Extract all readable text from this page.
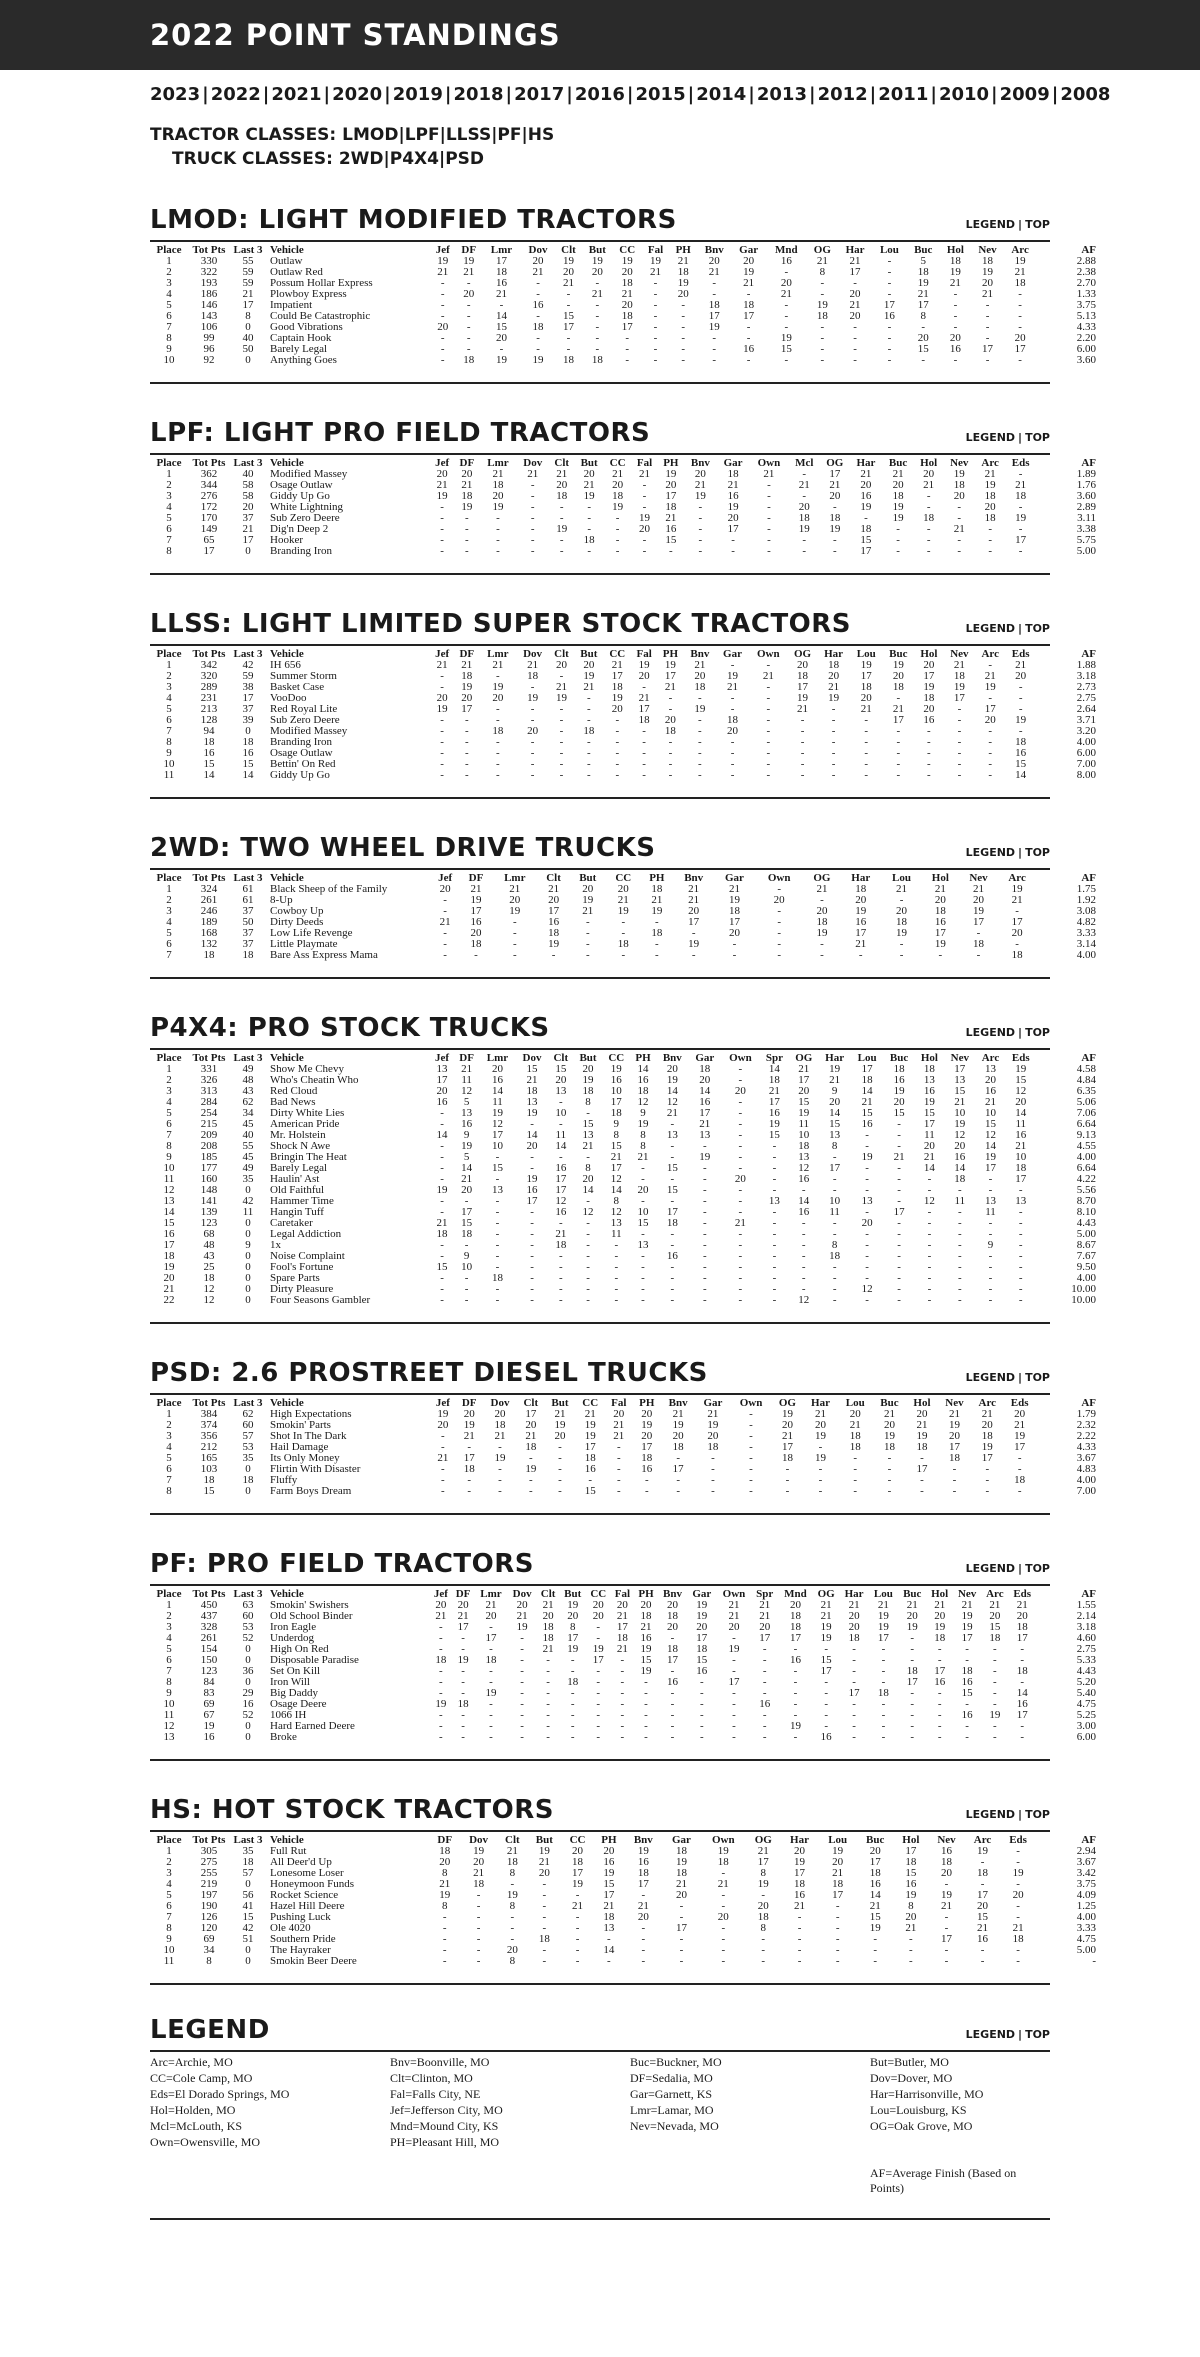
2022 POINT STANDINGS
2023 | 2022 | 2021 | 2020 | 2019 | 2018 | 2017 | 2016 | 2015 | 2014 | 2013 | 2012 | 2011 | 2010 | 2009 | 2008
TRACTOR CLASSES: LMOD|LPF|LLSS|PF|HS
TRUCK CLASSES: 2WD|P4X4|PSD
LMOD: LIGHT MODIFIED TRACTORS	LEGEND | TOP
Place	Tot Pts	Last 3	Vehicle	Jef	DF	Lmr	Dov	Clt	But	CC	Fal	PH	Bnv	Gar	Mnd	OG	Har	Lou	Buc	Hol	Nev	Arc	AF
1	330	55	Outlaw	19	19	17	20	19	19	19	19	21	20	20	16	21	21	-	5	18	18	19	2.88
2	322	59	Outlaw Red	21	21	18	21	20	20	20	21	18	21	19	-	8	17	-	18	19	19	21	2.38
3	193	59	Possum Hollar Express	-	-	16	-	21	-	18	-	19	-	21	20	-	-	-	19	21	20	18	2.70
4	186	21	Plowboy Express	-	20	21	-	-	21	21	-	20	-	-	21	-	20	-	21	-	21	-	1.33
5	146	17	Impatient	-	-	-	16	-	-	20	-	-	18	18	-	19	21	17	17	-	-	-	3.75
6	143	8	Could Be Catastrophic	-	-	14	-	15	-	18	-	-	17	17	-	18	20	16	8	-	-	-	5.13
7	106	0	Good Vibrations	20	-	15	18	17	-	17	-	-	19	-	-	-	-	-	-	-	-	-	4.33
8	99	40	Captain Hook	-	-	20	-	-	-	-	-	-	-	-	19	-	-	-	20	20	-	20	2.20
9	96	50	Barely Legal	-	-	-	-	-	-	-	-	-	-	16	15	-	-	-	15	16	17	17	6.00
10	92	0	Anything Goes	-	18	19	19	18	18	-	-	-	-	-	-	-	-	-	-	-	-	-	3.60
LPF: LIGHT PRO FIELD TRACTORS	LEGEND | TOP
Place	Tot Pts	Last 3	Vehicle	Jef	DF	Lmr	Dov	Clt	But	CC	Fal	PH	Bnv	Gar	Own	Mcl	OG	Har	Buc	Hol	Nev	Arc	Eds	AF
1	362	40	Modified Massey	20	20	21	21	21	20	21	21	19	20	18	21	-	17	21	21	20	19	21	-	1.89
2	344	58	Osage Outlaw	21	21	18	-	20	21	20	-	20	21	21	-	21	21	20	20	21	18	19	21	1.76
3	276	58	Giddy Up Go	19	18	20	-	18	19	18	-	17	19	16	-	-	20	16	18	-	20	18	18	3.60
4	172	20	White Lightning	-	19	19	-	-	-	19	-	18	-	19	-	20	-	19	19	-	-	20	-	2.89
5	170	37	Sub Zero Deere	-	-	-	-	-	-	-	19	21	-	20	-	18	18	-	19	18	-	18	19	3.11
6	149	21	Dig'n Deep 2	-	-	-	-	19	-	-	20	16	-	17	-	19	19	18	-	-	21	-	-	3.38
7	65	17	Hooker	-	-	-	-	-	18	-	-	15	-	-	-	-	-	15	-	-	-	-	17	5.75
8	17	0	Branding Iron	-	-	-	-	-	-	-	-	-	-	-	-	-	-	17	-	-	-	-	-	5.00
LLSS: LIGHT LIMITED SUPER STOCK TRACTORS	LEGEND | TOP
Place	Tot Pts	Last 3	Vehicle	Jef	DF	Lmr	Dov	Clt	But	CC	Fal	PH	Bnv	Gar	Own	OG	Har	Lou	Buc	Hol	Nev	Arc	Eds	AF
1	342	42	IH 656	21	21	21	21	20	20	21	19	19	21	-	-	20	18	19	19	20	21	-	21	1.88
2	320	59	Summer Storm	-	18	-	18	-	19	17	20	17	20	19	21	18	20	17	20	17	18	21	20	3.18
3	289	38	Basket Case	-	19	19	-	21	21	18	-	21	18	21	-	17	21	18	18	19	19	19	-	2.73
4	231	17	VooDoo	20	20	20	19	19	-	19	21	-	-	-	-	19	19	20	-	18	17	-	-	2.75
5	213	37	Red Royal Lite	19	17	-	-	-	-	20	17	-	19	-	-	21	-	21	21	20	-	17	-	2.64
6	128	39	Sub Zero Deere	-	-	-	-	-	-	-	18	20	-	18	-	-	-	-	17	16	-	20	19	3.71
7	94	0	Modified Massey	-	-	18	20	-	18	-	-	18	-	20	-	-	-	-	-	-	-	-	-	3.20
8	18	18	Branding Iron	-	-	-	-	-	-	-	-	-	-	-	-	-	-	-	-	-	-	-	18	4.00
9	16	16	Osage Outlaw	-	-	-	-	-	-	-	-	-	-	-	-	-	-	-	-	-	-	-	16	6.00
10	15	15	Bettin' On Red	-	-	-	-	-	-	-	-	-	-	-	-	-	-	-	-	-	-	-	15	7.00
11	14	14	Giddy Up Go	-	-	-	-	-	-	-	-	-	-	-	-	-	-	-	-	-	-	-	14	8.00
2WD: TWO WHEEL DRIVE TRUCKS	LEGEND | TOP
Place	Tot Pts	Last 3	Vehicle	Jef	DF	Lmr	Clt	But	CC	PH	Bnv	Gar	Own	OG	Har	Lou	Hol	Nev	Arc	AF
1	324	61	Black Sheep of the Family	20	21	21	21	20	20	18	21	21	-	21	18	21	21	21	19	1.75
2	261	61	8-Up	-	19	20	20	19	21	21	21	19	20	-	20	-	20	20	21	1.92
3	246	37	Cowboy Up	-	17	19	17	21	19	19	20	18	-	20	19	20	18	19	-	3.08
4	189	50	Dirty Deeds	21	16	-	16	-	-	-	17	17	-	18	16	18	16	17	17	4.82
5	168	37	Low Life Revenge	-	20	-	18	-	-	18	-	20	-	19	17	19	17	-	20	3.33
6	132	37	Little Playmate	-	18	-	19	-	18	-	19	-	-	-	21	-	19	18	-	3.14
7	18	18	Bare Ass Express Mama	-	-	-	-	-	-	-	-	-	-	-	-	-	-	-	18	4.00
P4X4: PRO STOCK TRUCKS	LEGEND | TOP
Place	Tot Pts	Last 3	Vehicle	Jef	DF	Lmr	Dov	Clt	But	CC	PH	Bnv	Gar	Own	Spr	OG	Har	Lou	Buc	Hol	Nev	Arc	Eds	AF
1	331	49	Show Me Chevy	13	21	20	15	15	20	19	14	20	18	-	14	21	19	17	18	18	17	13	19	4.58
2	326	48	Who's Cheatin Who	17	11	16	21	20	19	16	16	19	20	-	18	17	21	18	16	13	13	20	15	4.84
3	313	43	Red Cloud	20	12	14	18	13	18	10	18	14	14	20	21	20	9	14	19	16	15	16	12	6.35
4	284	62	Bad News	16	5	11	13	-	8	17	12	12	16	-	17	15	20	21	20	19	21	21	20	5.06
5	254	34	Dirty White Lies	-	13	19	19	10	-	18	9	21	17	-	16	19	14	15	15	15	10	10	14	7.06
6	215	45	American Pride	-	16	12	-	-	15	9	19	-	21	-	19	11	15	16	-	17	19	15	11	6.64
7	209	40	Mr. Holstein	14	9	17	14	11	13	8	8	13	13	-	15	10	13	-	-	11	12	12	16	9.13
8	208	55	Shock N Awe	-	19	10	20	14	21	15	8	-	-	-	-	18	8	-	-	20	20	14	21	4.55
9	185	45	Bringin The Heat	-	5	-	-	-	-	21	21	-	19	-	-	13	-	19	21	21	16	19	10	4.00
10	177	49	Barely Legal	-	14	15	-	16	8	17	-	15	-	-	-	12	17	-	-	14	14	17	18	6.64
11	160	35	Haulin' Ast	-	21	-	19	17	20	12	-	-	-	20	-	16	-	-	-	-	18	-	17	4.22
12	148	0	Old Faithful	19	20	13	16	17	14	14	20	15	-	-	-	-	-	-	-	-	-	-	-	5.56
13	141	42	Hammer Time	-	-	-	17	12	-	8	-	-	-	-	13	14	10	13	-	12	11	13	13	8.70
14	139	11	Hangin Tuff	-	17	-	-	16	12	12	10	17	-	-	-	16	11	-	17	-	-	11	-	8.10
15	123	0	Caretaker	21	15	-	-	-	-	13	15	18	-	21	-	-	-	20	-	-	-	-	-	4.43
16	68	0	Legal Addiction	18	18	-	-	21	-	11	-	-	-	-	-	-	-	-	-	-	-	-	-	5.00
17	48	9	1x	-	-	-	-	18	-	-	13	-	-	-	-	-	8	-	-	-	-	9	-	8.67
18	43	0	Noise Complaint	-	9	-	-	-	-	-	-	16	-	-	-	-	18	-	-	-	-	-	-	7.67
19	25	0	Fool's Fortune	15	10	-	-	-	-	-	-	-	-	-	-	-	-	-	-	-	-	-	-	9.50
20	18	0	Spare Parts	-	-	18	-	-	-	-	-	-	-	-	-	-	-	-	-	-	-	-	-	4.00
21	12	0	Dirty Pleasure	-	-	-	-	-	-	-	-	-	-	-	-	-	-	12	-	-	-	-	-	10.00
22	12	0	Four Seasons Gambler	-	-	-	-	-	-	-	-	-	-	-	-	12	-	-	-	-	-	-	-	10.00
PSD: 2.6 PROSTREET DIESEL TRUCKS	LEGEND | TOP
Place	Tot Pts	Last 3	Vehicle	Jef	DF	Dov	Clt	But	CC	Fal	PH	Bnv	Gar	Own	OG	Har	Lou	Buc	Hol	Nev	Arc	Eds	AF
1	384	62	High Expectations	19	20	20	17	21	21	20	20	21	21	-	19	21	20	21	20	21	21	20	1.79
2	374	60	Smokin' Parts	20	19	18	20	19	19	21	19	19	19	-	20	20	21	20	21	19	20	21	2.32
3	356	57	Shot In The Dark	-	21	21	21	20	19	21	20	20	20	-	21	19	18	19	19	20	18	19	2.22
4	212	53	Hail Damage	-	-	-	18	-	17	-	17	18	18	-	17	-	18	18	18	17	19	17	4.33
5	165	35	Its Only Money	21	17	19	-	-	18	-	18	-	-	-	18	19	-	-	-	18	17	-	3.67
6	103	0	Flirtin With Disaster	-	18	-	19	-	16	-	16	17	-	-	-	-	-	-	17	-	-	-	4.83
7	18	18	Fluffy	-	-	-	-	-	-	-	-	-	-	-	-	-	-	-	-	-	-	18	4.00
8	15	0	Farm Boys Dream	-	-	-	-	-	15	-	-	-	-	-	-	-	-	-	-	-	-	-	7.00
PF: PRO FIELD TRACTORS	LEGEND | TOP
Place	Tot Pts	Last 3	Vehicle	Jef	DF	Lmr	Dov	Clt	But	CC	Fal	PH	Bnv	Gar	Own	Spr	Mnd	OG	Har	Lou	Buc	Hol	Nev	Arc	Eds	AF
1	450	63	Smokin' Swishers	20	20	21	20	21	19	20	20	20	20	19	21	21	20	21	21	21	21	21	21	21	21	1.55
2	437	60	Old School Binder	21	21	20	21	20	20	20	21	18	18	19	21	21	18	21	20	19	20	20	19	20	20	2.14
3	328	53	Iron Eagle	-	17	-	19	18	8	-	17	21	20	20	20	20	18	19	20	19	19	19	19	15	18	3.18
4	261	52	Underdog	-	-	17	-	18	17	-	18	16	-	17	-	17	17	19	18	17	-	18	17	18	17	4.60
5	154	0	High On Red	-	-	-	-	21	19	19	21	19	18	18	19	-	-	-	-	-	-	-	-	-	-	2.75
6	150	0	Disposable Paradise	18	19	18	-	-	-	17	-	15	17	15	-	-	16	15	-	-	-	-	-	-	-	5.33
7	123	36	Set On Kill	-	-	-	-	-	-	-	-	19	-	16	-	-	-	17	-	-	18	17	18	-	18	4.43
8	84	0	Iron Will	-	-	-	-	-	18	-	-	-	16	-	17	-	-	-	-	-	17	16	16	-	-	5.20
9	83	29	Big Daddy	-	-	19	-	-	-	-	-	-	-	-	-	-	-	-	17	18	-	-	15	-	14	5.40
10	69	16	Osage Deere	19	18	-	-	-	-	-	-	-	-	-	-	16	-	-	-	-	-	-	-	-	16	4.75
11	67	52	1066 IH	-	-	-	-	-	-	-	-	-	-	-	-	-	-	-	-	-	-	-	16	19	17	5.25
12	19	0	Hard Earned Deere	-	-	-	-	-	-	-	-	-	-	-	-	-	19	-	-	-	-	-	-	-	-	3.00
13	16	0	Broke	-	-	-	-	-	-	-	-	-	-	-	-	-	-	16	-	-	-	-	-	-	-	6.00
HS: HOT STOCK TRACTORS	LEGEND | TOP
Place	Tot Pts	Last 3	Vehicle	DF	Dov	Clt	But	CC	PH	Bnv	Gar	Own	OG	Har	Lou	Buc	Hol	Nev	Arc	Eds	AF
1	305	35	Full Rut	18	19	21	19	20	20	19	18	19	21	20	19	20	17	16	19	-	2.94
2	275	18	All Deer'd Up	20	20	18	21	18	16	16	19	18	17	19	20	17	18	18	-	-	3.67
3	255	57	Lonesome Loser	8	21	8	20	17	19	18	18	-	8	17	21	18	15	20	18	19	3.42
4	219	0	Honeymoon Funds	21	18	-	-	19	15	17	21	21	19	18	18	16	16	-	-	-	3.75
5	197	56	Rocket Science	19	-	19	-	-	17	-	20	-	-	16	17	14	19	19	17	20	4.09
6	190	41	Hazel Hill Deere	8	-	8	-	21	21	21	-	-	20	21	-	21	8	21	20	-	1.25
7	126	15	Pushing Luck	-	-	-	-	-	18	20	-	20	18	-	-	15	20	-	15	-	4.00
8	120	42	Ole 4020	-	-	-	-	-	13	-	17	-	8	-	-	19	21	-	21	21	3.33
9	69	51	Southern Pride	-	-	-	18	-	-	-	-	-	-	-	-	-	-	17	16	18	4.75
10	34	0	The Hayraker	-	-	20	-	-	14	-	-	-	-	-	-	-	-	-	-	-	5.00
11	8	0	Smokin Beer Deere	-	-	8	-	-	-	-	-	-	-	-	-	-	-	-	-	-	-
LEGEND	LEGEND | TOP
Arc=Archie, MO
CC=Cole Camp, MO
Eds=El Dorado Springs, MO
Hol=Holden, MO
Mcl=McLouth, KS
Own=Owensville, MO
Bnv=Boonville, MO
Clt=Clinton, MO
Fal=Falls City, NE
Jef=Jefferson City, MO
Mnd=Mound City, KS
PH=Pleasant Hill, MO
Buc=Buckner, MO
DF=Sedalia, MO
Gar=Garnett, KS
Lmr=Lamar, MO
Nev=Nevada, MO
But=Butler, MO
Dov=Dover, MO
Har=Harrisonville, MO
Lou=Louisburg, KS
OG=Oak Grove, MO
AF=Average Finish (Based on Points)
